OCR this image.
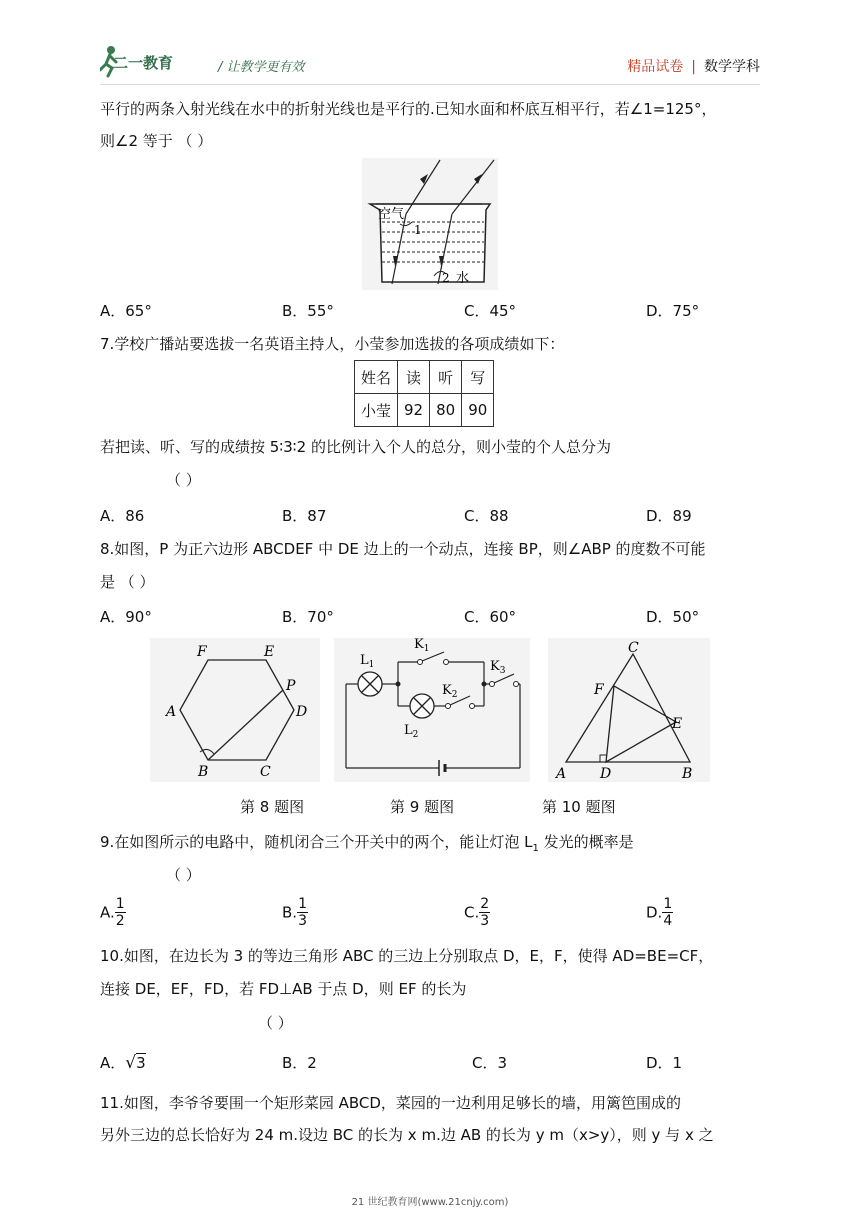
二一教育	/ 让教学更有效	精品试卷 | 数学学科
平行的两条入射光线在水中的折射光线也是平行的.已知水面和杯底互相平行，若∠1=125°，
则∠2 等于 （ ）
空气
1
2 水
A．65°	B．55°	C．45°	D．75°
7.学校广播站要选拔一名英语主持人，小莹参加选拔的各项成绩如下：
姓名	读	听	写
小莹	92	80	90
若把读、听、写的成绩按 5∶3∶2 的比例计入个人的总分，则小莹的个人总分为
（ ）
A．86	B．87	C．88	D．89
8.如图，P 为正六边形 ABCDEF 中 DE 边上的一个动点，连接 BP，则∠ABP 的度数不可能
是 （ ）
A．90°	B．70°	C．60°	D．50°
F	E
A
P
D
B	C
$L_1$
$K_1$
$K_2$
$K_3$
$L_2$
C
F
E
A D	B
第 8 题图	第 9 题图	第 10 题图
9.在如图所示的电路中，随机闭合三个开关中的两个，能让灯泡 $L_1$ 发光的概率是
（ ）
A. $\frac{1}{2}$	B. $\frac{1}{3}$	C. $\frac{2}{3}$	D. $\frac{1}{4}$
10.如图，在边长为 3 的等边三角形 ABC 的三边上分别取点 D，E，F，使得 AD=BE=CF，
连接 DE，EF，FD，若 FD⊥AB 于点 D，则 EF 的长为
（ ）
A．√3	B．2	C．3	D．1
11.如图，李爷爷要围一个矩形菜园 ABCD，菜园的一边利用足够长的墙，用篱笆围成的
另外三边的总长恰好为 24 m.设边 BC 的长为 x m.边 AB 的长为 y m（x>y），则 y 与 x 之
21 世纪教育网(www.21cnjy.com)
